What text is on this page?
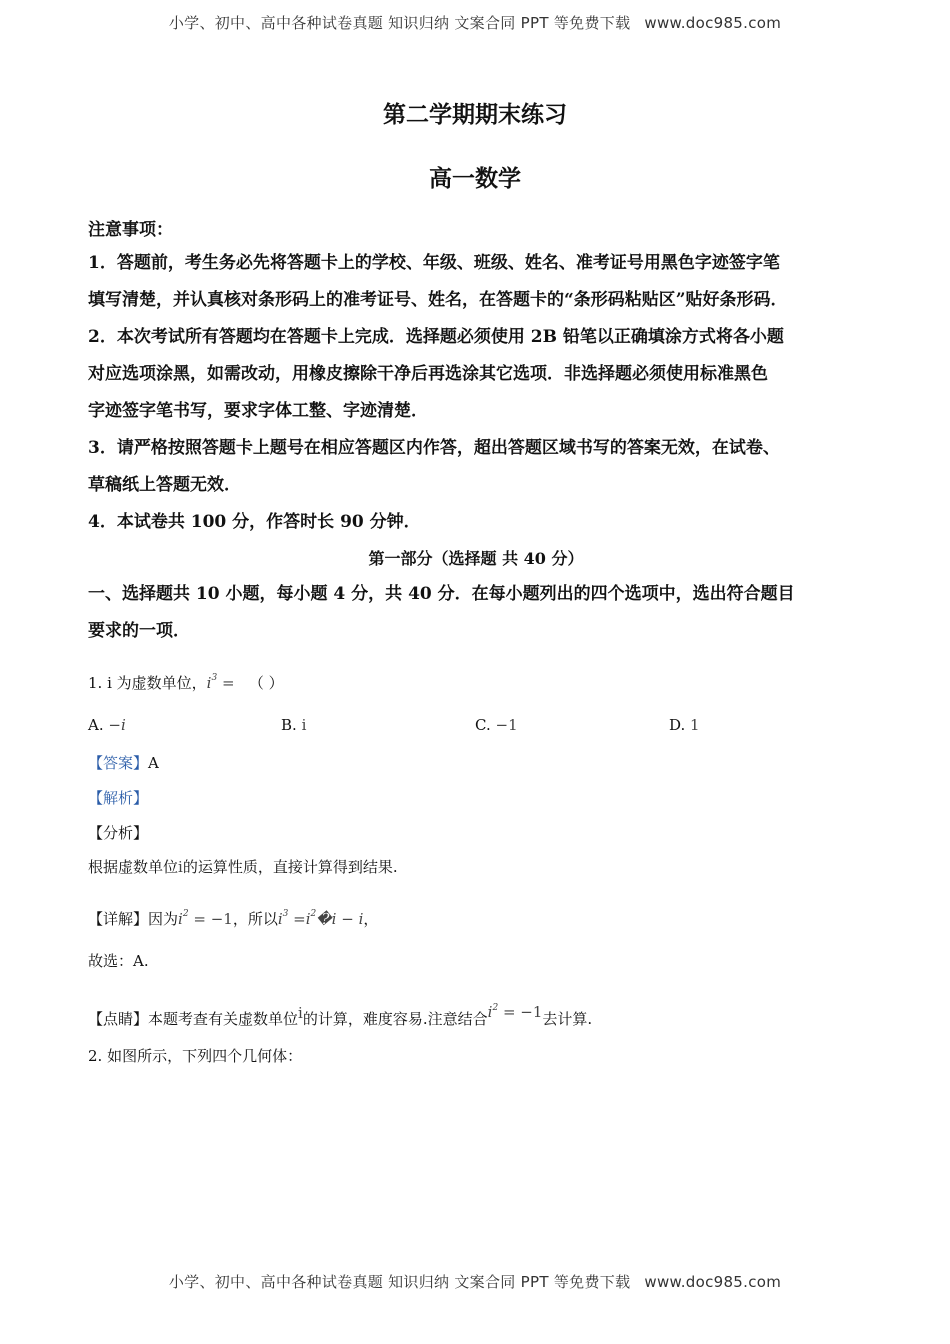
小学、初中、高中各种试卷真题 知识归纳 文案合同 PPT 等免费下载 www.doc985.com
第二学期期末练习
高一数学
注意事项：
1．答题前，考生务必先将答题卡上的学校、年级、班级、姓名、准考证号用黑色字迹签字笔
填写清楚，并认真核对条形码上的准考证号、姓名，在答题卡的“条形码粘贴区”贴好条形码．
2．本次考试所有答题均在答题卡上完成．选择题必须使用 2B 铅笔以正确填涂方式将各小题
对应选项涂黑，如需改动，用橡皮擦除干净后再选涂其它选项．非选择题必须使用标准黑色
字迹签字笔书写，要求字体工整、字迹清楚．
3．请严格按照答题卡上题号在相应答题区内作答，超出答题区域书写的答案无效，在试卷、
草稿纸上答题无效．
4．本试卷共 100 分，作答时长 90 分钟．
第一部分（选择题 共 40 分）
一、选择题共 10 小题，每小题 4 分，共 40 分．在每小题列出的四个选项中，选出符合题目
要求的一项．
1. i 为虚数单位，$i^3$ = （ ）
A. −i	B. i	C. −1	D. 1
【答案】A
【解析】
【分析】
根据虚数单位i的运算性质，直接计算得到结果.
【详解】因为$i^2 = -1$，所以$i^3$ $=i^2�i - i$，
故选：A.
【点睛】本题考查有关虚数单位i的计算，难度容易.注意结合$i^2 = -1$去计算.
2. 如图所示，下列四个几何体：
小学、初中、高中各种试卷真题 知识归纳 文案合同 PPT 等免费下载 www.doc985.com
